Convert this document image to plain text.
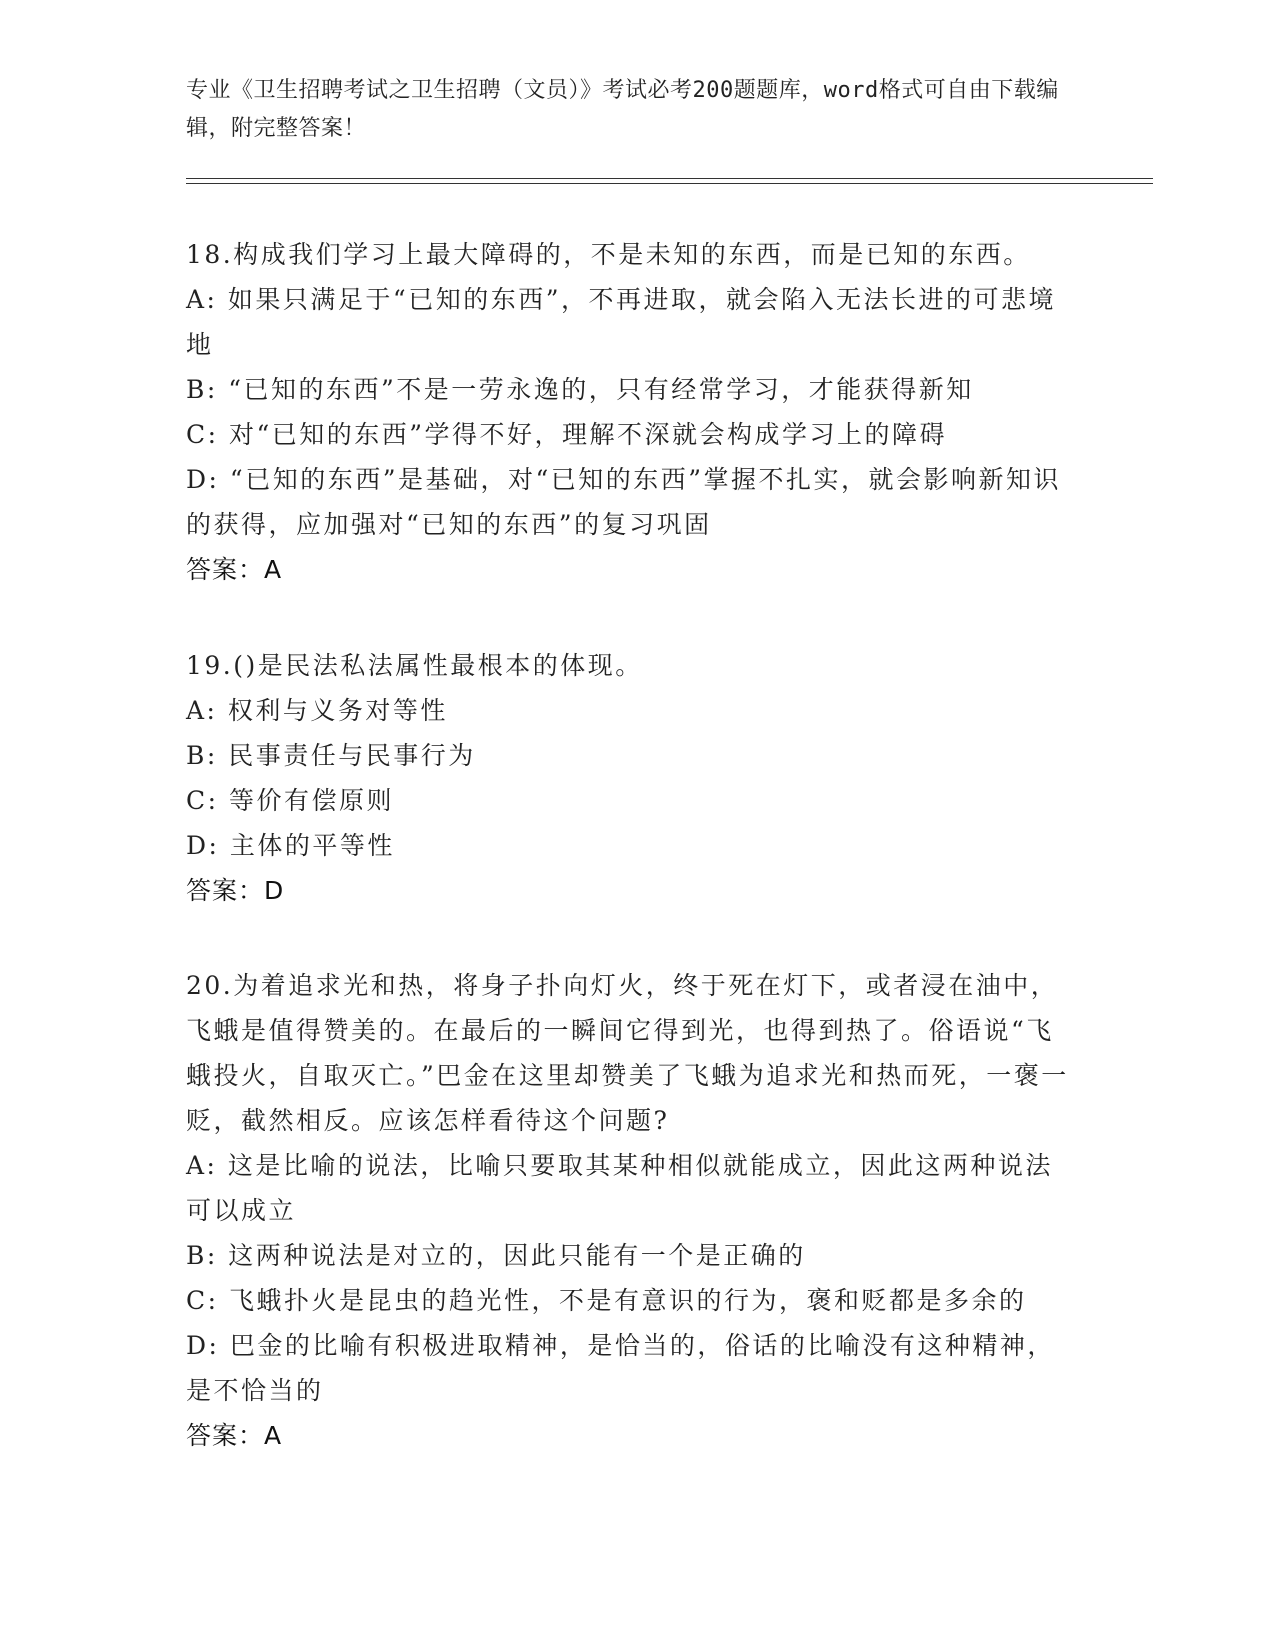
专业《卫生招聘考试之卫生招聘（文员）》考试必考200题题库，word格式可自由下载编辑，附完整答案！

18.构成我们学习上最大障碍的，不是未知的东西，而是已知的东西。

A: 如果只满足于“已知的东西”，不再进取，就会陷入无法长进的可悲境地

B: “已知的东西”不是一劳永逸的，只有经常学习，才能获得新知

C: 对“已知的东西”学得不好，理解不深就会构成学习上的障碍

D: “已知的东西”是基础，对“已知的东西”掌握不扎实，就会影响新知识的获得，应加强对“已知的东西”的复习巩固

答案：A

19.()是民法私法属性最根本的体现。

A: 权利与义务对等性

B: 民事责任与民事行为

C: 等价有偿原则

D: 主体的平等性

答案：D

20.为着追求光和热，将身子扑向灯火，终于死在灯下，或者浸在油中，飞蛾是值得赞美的。在最后的一瞬间它得到光，也得到热了。俗语说“飞蛾投火，自取灭亡。”巴金在这里却赞美了飞蛾为追求光和热而死，一褒一贬，截然相反。应该怎样看待这个问题?

A: 这是比喻的说法，比喻只要取其某种相似就能成立，因此这两种说法可以成立

B: 这两种说法是对立的，因此只能有一个是正确的

C: 飞蛾扑火是昆虫的趋光性，不是有意识的行为，褒和贬都是多余的

D: 巴金的比喻有积极进取精神，是恰当的，俗话的比喻没有这种精神，是不恰当的

答案：A
